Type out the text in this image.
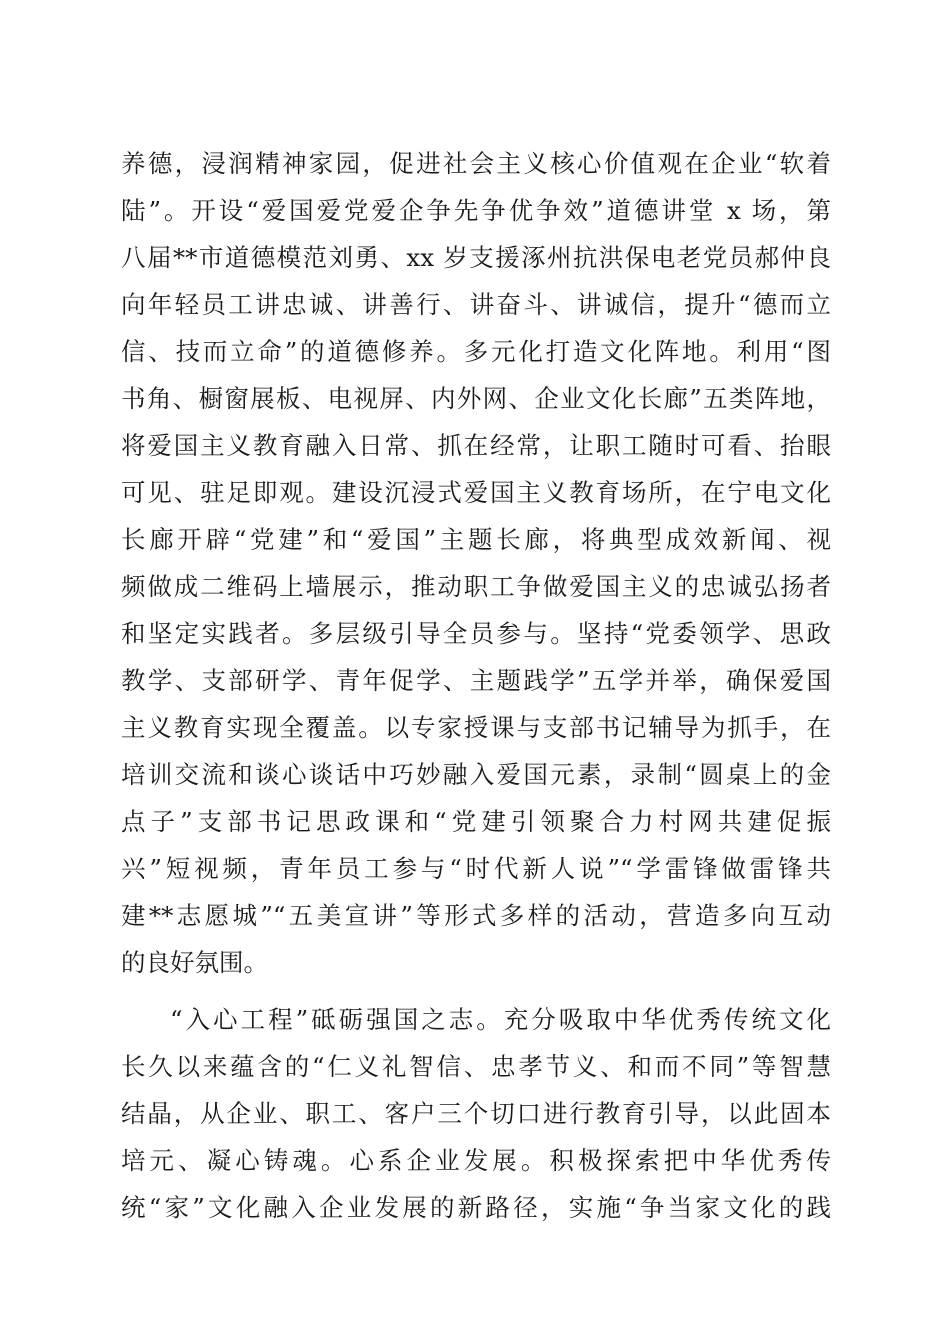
养德，浸润精神家园，促进社会主义核心价值观在企业“软着
陆”。开设“爱国爱党爱企争先争优争效”道德讲堂 x 场，第
八届**市道德模范刘勇、xx 岁支援涿州抗洪保电老党员郝仲良
向年轻员工讲忠诚、讲善行、讲奋斗、讲诚信，提升“德而立
信、技而立命”的道德修养。多元化打造文化阵地。利用“图
书角、橱窗展板、电视屏、内外网、企业文化长廊”五类阵地，
将爱国主义教育融入日常、抓在经常，让职工随时可看、抬眼
可见、驻足即观。建设沉浸式爱国主义教育场所，在宁电文化
长廊开辟“党建”和“爱国”主题长廊，将典型成效新闻、视
频做成二维码上墙展示，推动职工争做爱国主义的忠诚弘扬者
和坚定实践者。多层级引导全员参与。坚持“党委领学、思政
教学、支部研学、青年促学、主题践学”五学并举，确保爱国
主义教育实现全覆盖。以专家授课与支部书记辅导为抓手，在
培训交流和谈心谈话中巧妙融入爱国元素，录制“圆桌上的金
点子”支部书记思政课和“党建引领聚合力村网共建促振
兴”短视频，青年员工参与“时代新人说”“学雷锋做雷锋共
建**志愿城”“五美宣讲”等形式多样的活动，营造多向互动
的良好氛围。
“入心工程”砥砺强国之志。充分吸取中华优秀传统文化
长久以来蕴含的“仁义礼智信、忠孝节义、和而不同”等智慧
结晶，从企业、职工、客户三个切口进行教育引导，以此固本
培元、凝心铸魂。心系企业发展。积极探索把中华优秀传
统“家”文化融入企业发展的新路径，实施“争当家文化的践
